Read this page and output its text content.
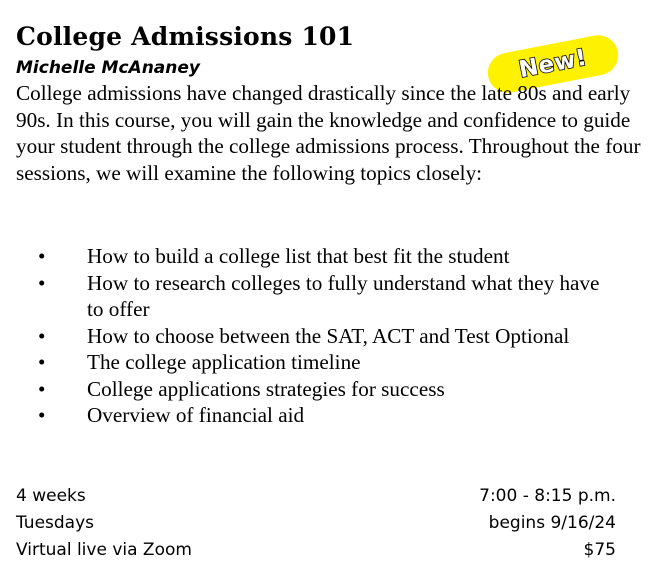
College Admissions 101
Michelle McAnaney	New!

College admissions have changed drastically since the late 80s and early 90s. In this course, you will gain the knowledge and confidence to guide your student through the college admissions process. Throughout the four sessions, we will examine the following topics closely:

• How to build a college list that best fit the student
• How to research colleges to fully understand what they have to offer
• How to choose between the SAT, ACT and Test Optional
• The college application timeline
• College applications strategies for success
• Overview of financial aid
4 weeks	7:00 - 8:15 p.m.
Tuesdays	begins 9/16/24
Virtual live via Zoom	$75
